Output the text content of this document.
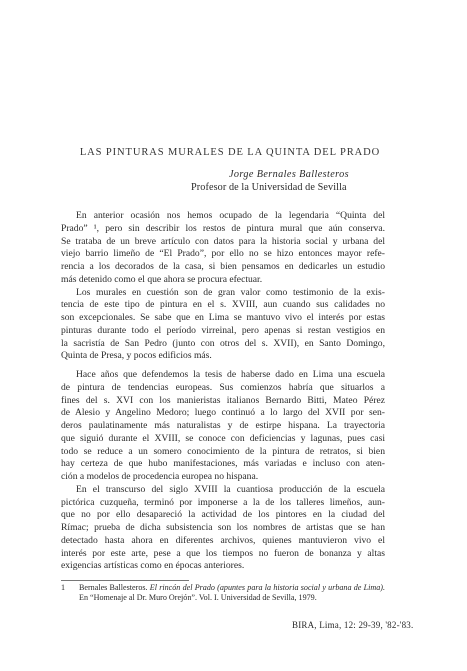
LAS PINTURAS MURALES DE LA QUINTA DEL PRADO
Jorge Bernales Ballesteros
Profesor de la Universidad de Sevilla

En anterior ocasión nos hemos ocupado de la legendaria “Quinta del

Prado” ¹, pero sin describir los restos de pintura mural que aún conserva.

Se trataba de un breve artículo con datos para la historia social y urbana del

viejo barrio limeño de “El Prado”, por ello no se hizo entonces mayor refe-

rencia a los decorados de la casa, si bien pensamos en dedicarles un estudio

más detenido como el que ahora se procura efectuar.

Los murales en cuestión son de gran valor como testimonio de la exis-

tencia de este tipo de pintura en el s. XVIII, aun cuando sus calidades no

son excepcionales. Se sabe que en Lima se mantuvo vivo el interés por estas

pinturas durante todo el período virreinal, pero apenas si restan vestigios en

la sacristía de San Pedro (junto con otros del s. XVII), en Santo Domingo,

Quinta de Presa, y pocos edificios más.

Hace años que defendemos la tesis de haberse dado en Lima una escuela

de pintura de tendencias europeas. Sus comienzos habría que situarlos a

fines del s. XVI con los manieristas italianos Bernardo Bitti, Mateo Pérez

de Alesio y Angelino Medoro; luego continuó a lo largo del XVII por sen-

deros paulatinamente más naturalistas y de estirpe hispana. La trayectoria

que siguió durante el XVIII, se conoce con deficiencias y lagunas, pues casi

todo se reduce a un somero conocimiento de la pintura de retratos, si bien

hay certeza de que hubo manifestaciones, más variadas e incluso con aten-

ción a modelos de procedencia europea no hispana.

En el transcurso del siglo XVIII la cuantiosa producción de la escuela

pictórica cuzqueña, terminó por imponerse a la de los talleres limeños, aun-

que no por ello desapareció la actividad de los pintores en la ciudad del

Rímac; prueba de dicha subsistencia son los nombres de artistas que se han

detectado hasta ahora en diferentes archivos, quienes mantuvieron vivo el

interés por este arte, pese a que los tiempos no fueron de bonanza y altas

exigencias artísticas como en épocas anteriores.

1 Bernales Ballesteros. El rincón del Prado (apuntes para la historia social y urbana de Lima). En “Homenaje al Dr. Muro Orejón”. Vol. I. Universidad de Sevilla, 1979.
BIRA, Lima, 12: 29-39, '82-'83.
